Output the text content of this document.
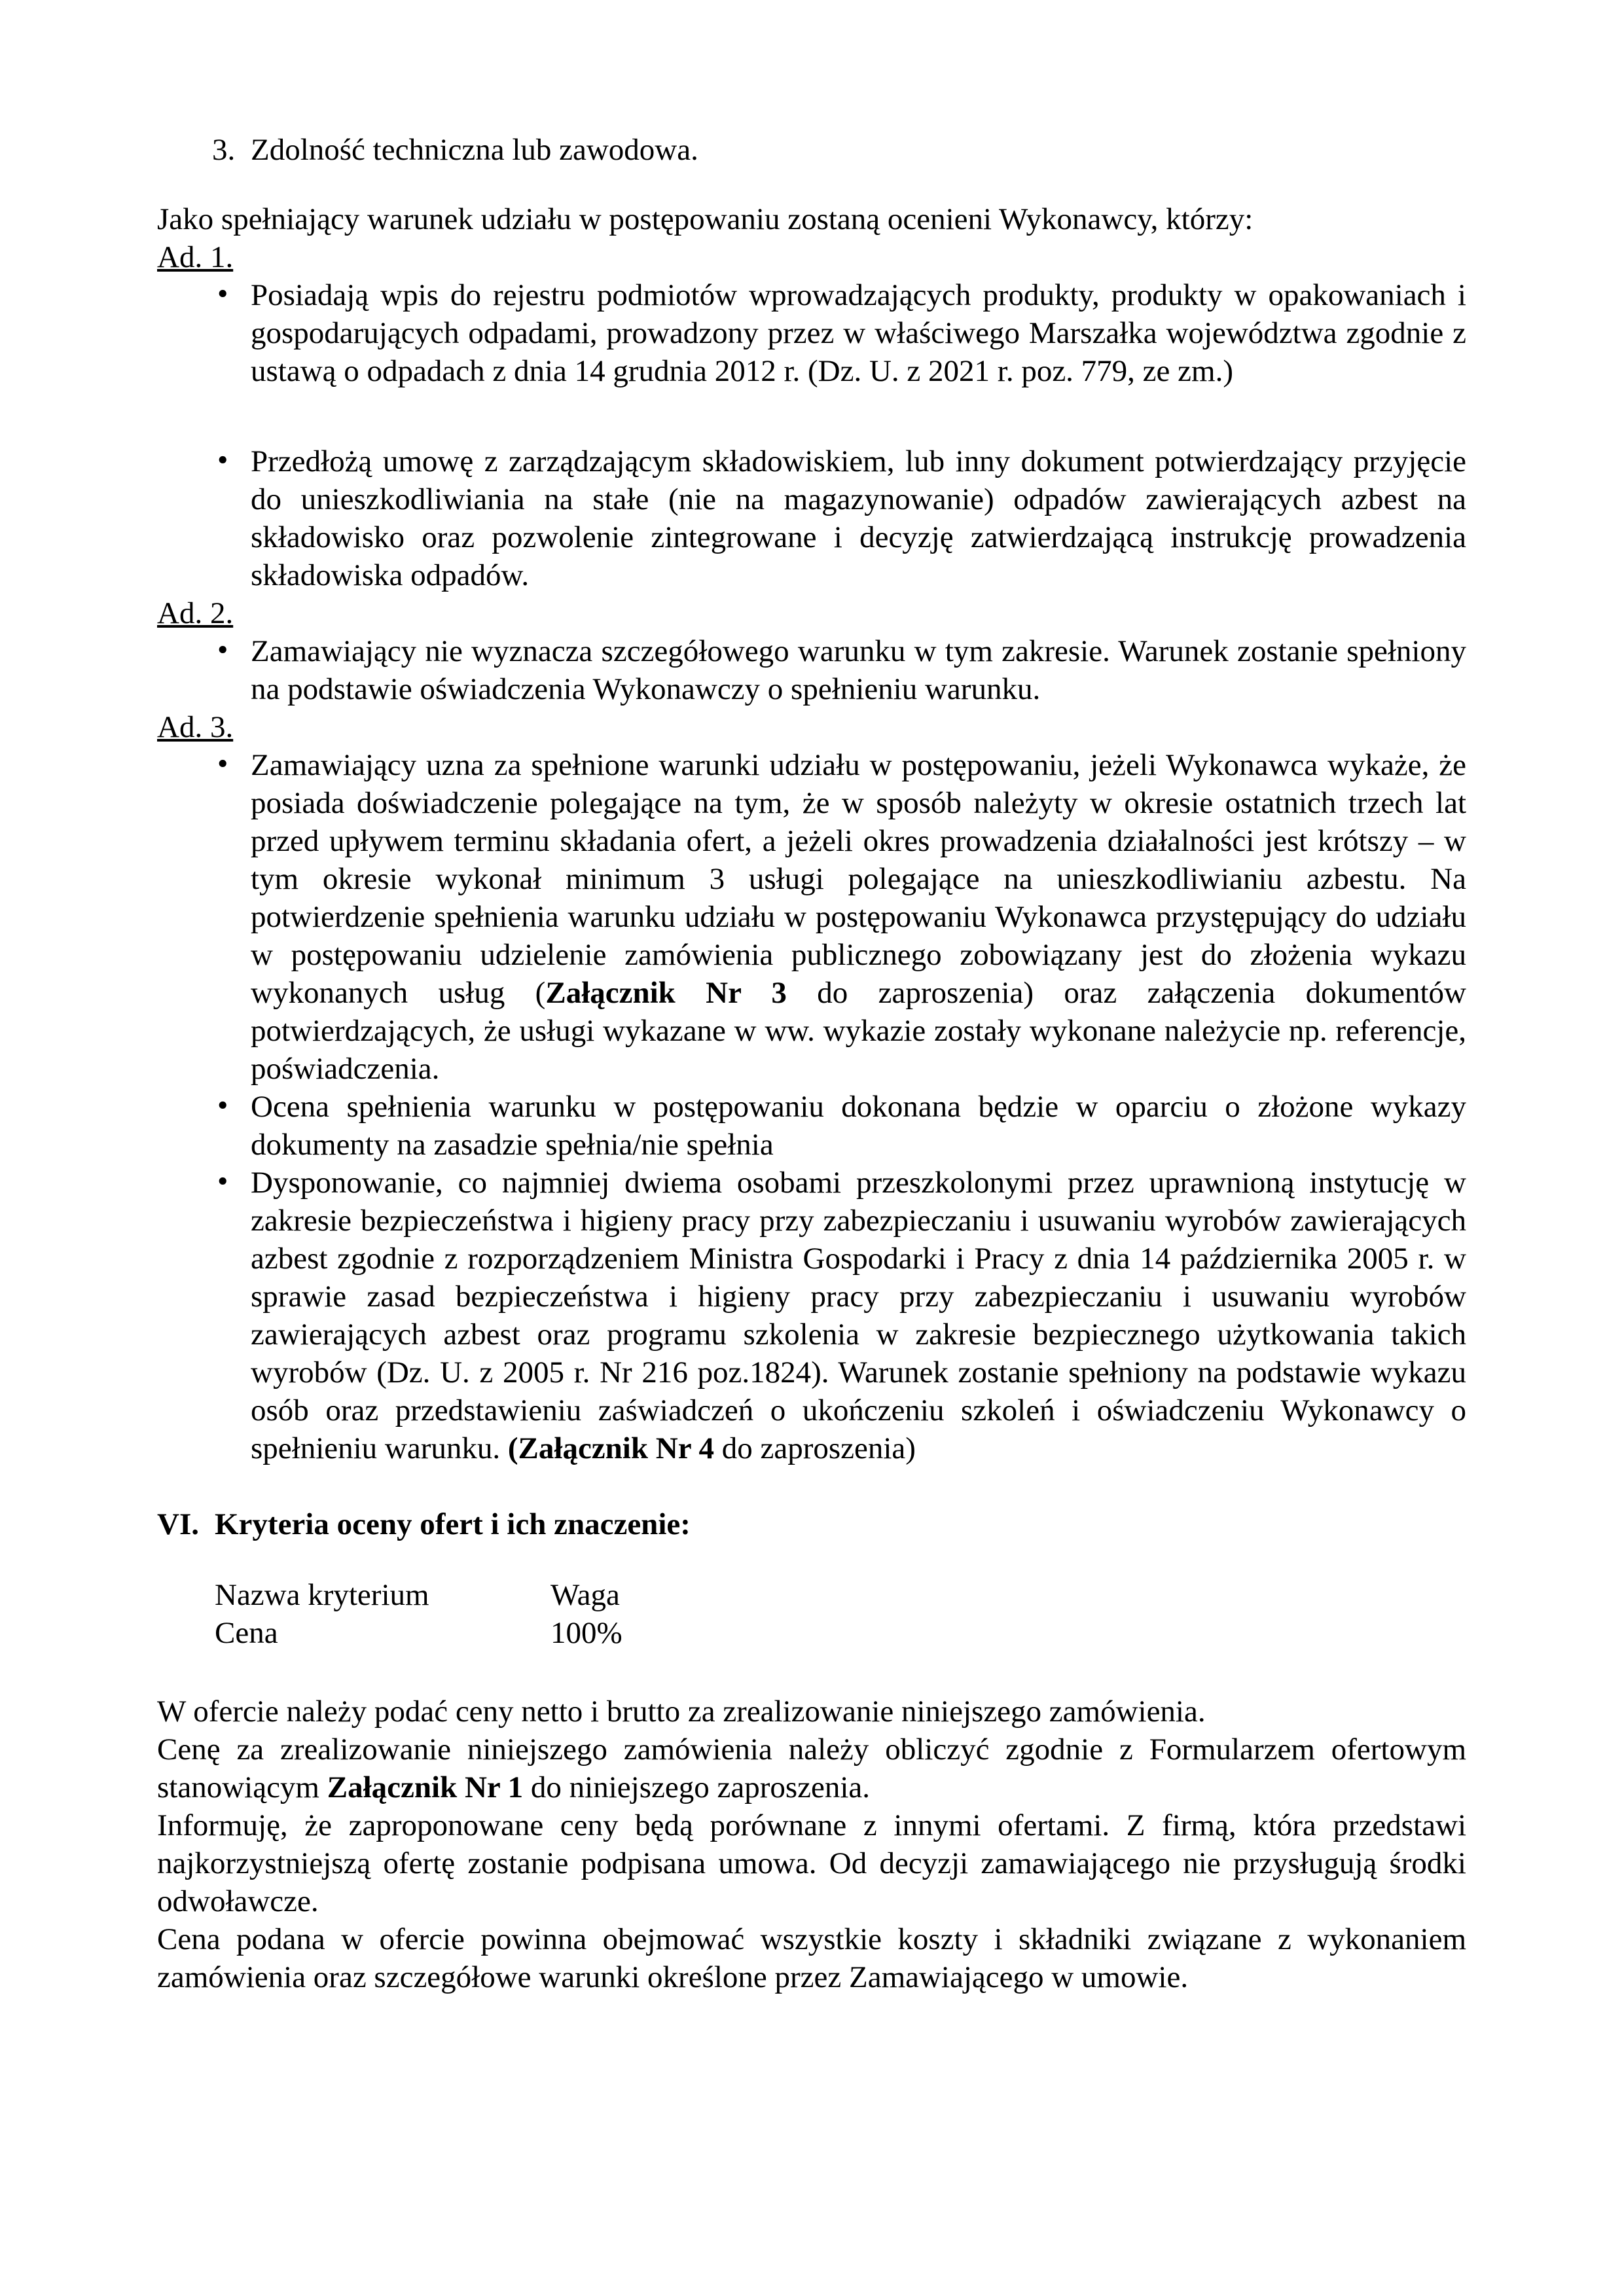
3. Zdolność techniczna lub zawodowa.

Jako spełniający warunek udziału w postępowaniu zostaną ocenieni Wykonawcy, którzy:

Ad. 1.

• Posiadają wpis do rejestru podmiotów wprowadzających produkty, produkty w opakowaniach i gospodarujących odpadami, prowadzony przez w właściwego Marszałka województwa zgodnie z ustawą o odpadach z dnia 14 grudnia 2012 r. (Dz. U. z 2021 r. poz. 779, ze zm.)
• Przedłożą umowę z zarządzającym składowiskiem, lub inny dokument potwierdzający przyjęcie do unieszkodliwiania na stałe (nie na magazynowanie) odpadów zawierających azbest na składowisko oraz pozwolenie zintegrowane i decyzję zatwierdzającą instrukcję prowadzenia składowiska odpadów.

Ad. 2.

• Zamawiający nie wyznacza szczegółowego warunku w tym zakresie. Warunek zostanie spełniony na podstawie oświadczenia Wykonawczy o spełnieniu warunku.

Ad. 3.

• Zamawiający uzna za spełnione warunki udziału w postępowaniu, jeżeli Wykonawca wykaże, że posiada doświadczenie polegające na tym, że w sposób należyty w okresie ostatnich trzech lat przed upływem terminu składania ofert, a jeżeli okres prowadzenia działalności jest krótszy – w tym okresie wykonał minimum 3 usługi polegające na unieszkodliwianiu azbestu. Na potwierdzenie spełnienia warunku udziału w postępowaniu Wykonawca przystępujący do udziału w postępowaniu udzielenie zamówienia publicznego zobowiązany jest do złożenia wykazu wykonanych usług (Załącznik Nr 3 do zaproszenia) oraz załączenia dokumentów potwierdzających, że usługi wykazane w ww. wykazie zostały wykonane należycie np. referencje, poświadczenia.
• Ocena spełnienia warunku w postępowaniu dokonana będzie w oparciu o złożone wykazy dokumenty na zasadzie spełnia/nie spełnia
• Dysponowanie, co najmniej dwiema osobami przeszkolonymi przez uprawnioną instytucję w zakresie bezpieczeństwa i higieny pracy przy zabezpieczaniu i usuwaniu wyrobów zawierających azbest zgodnie z rozporządzeniem Ministra Gospodarki i Pracy z dnia 14 października 2005 r. w sprawie zasad bezpieczeństwa i higieny pracy przy zabezpieczaniu i usuwaniu wyrobów zawierających azbest oraz programu szkolenia w zakresie bezpiecznego użytkowania takich wyrobów (Dz. U. z 2005 r. Nr 216 poz.1824). Warunek zostanie spełniony na podstawie wykazu osób oraz przedstawieniu zaświadczeń o ukończeniu szkoleń i oświadczeniu Wykonawcy o spełnieniu warunku. (Załącznik Nr 4 do zaproszenia)

VI. Kryteria oceny ofert i ich znaczenie:

Nazwa kryterium	Waga
Cena	100%

W ofercie należy podać ceny netto i brutto za zrealizowanie niniejszego zamówienia.

Cenę za zrealizowanie niniejszego zamówienia należy obliczyć zgodnie z Formularzem ofertowym stanowiącym Załącznik Nr 1 do niniejszego zaproszenia.

Informuję, że zaproponowane ceny będą porównane z innymi ofertami. Z firmą, która przedstawi najkorzystniejszą ofertę zostanie podpisana umowa. Od decyzji zamawiającego nie przysługują środki odwoławcze.

Cena podana w ofercie powinna obejmować wszystkie koszty i składniki związane z wykonaniem zamówienia oraz szczegółowe warunki określone przez Zamawiającego w umowie.
